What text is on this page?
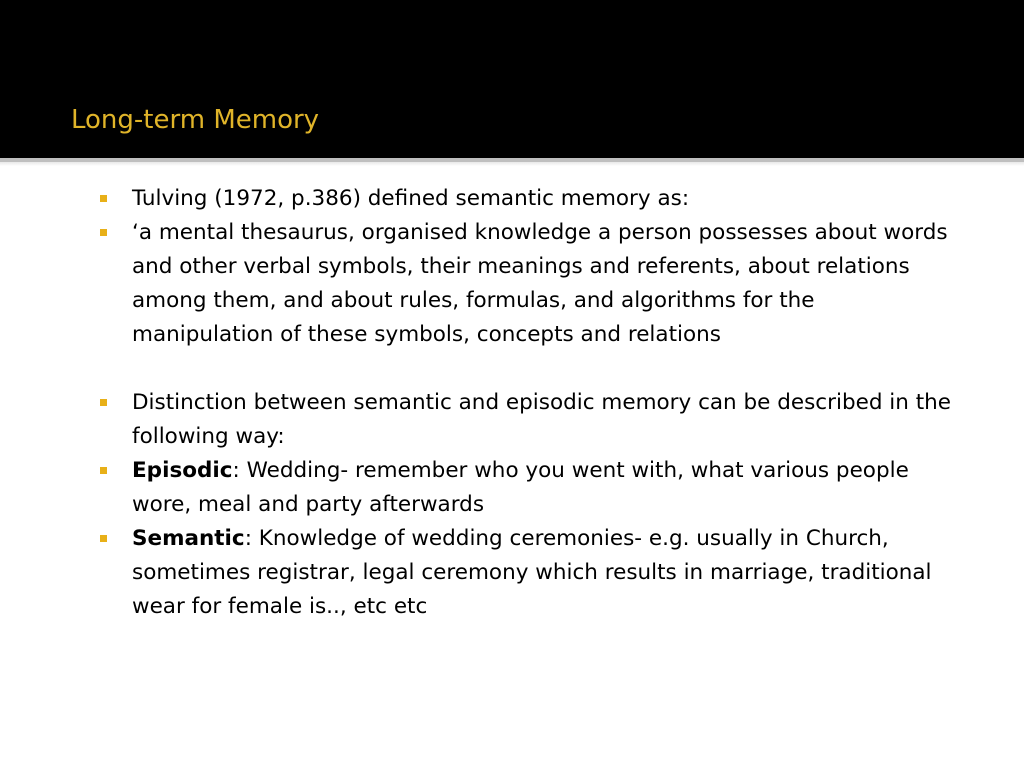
Long-term Memory
Tulving (1972, p.386) defined semantic memory as:
‘a mental thesaurus, organised knowledge a person possesses about words and other verbal symbols, their meanings and referents, about relations among them, and about rules, formulas, and algorithms for the manipulation of these symbols, concepts and relations
Distinction between semantic and episodic memory can be described in the following way:
Episodic: Wedding- remember who you went with, what various people wore, meal and party afterwards
Semantic: Knowledge of wedding ceremonies- e.g. usually in Church, sometimes registrar, legal ceremony which results in marriage, traditional wear for female is.., etc etc
